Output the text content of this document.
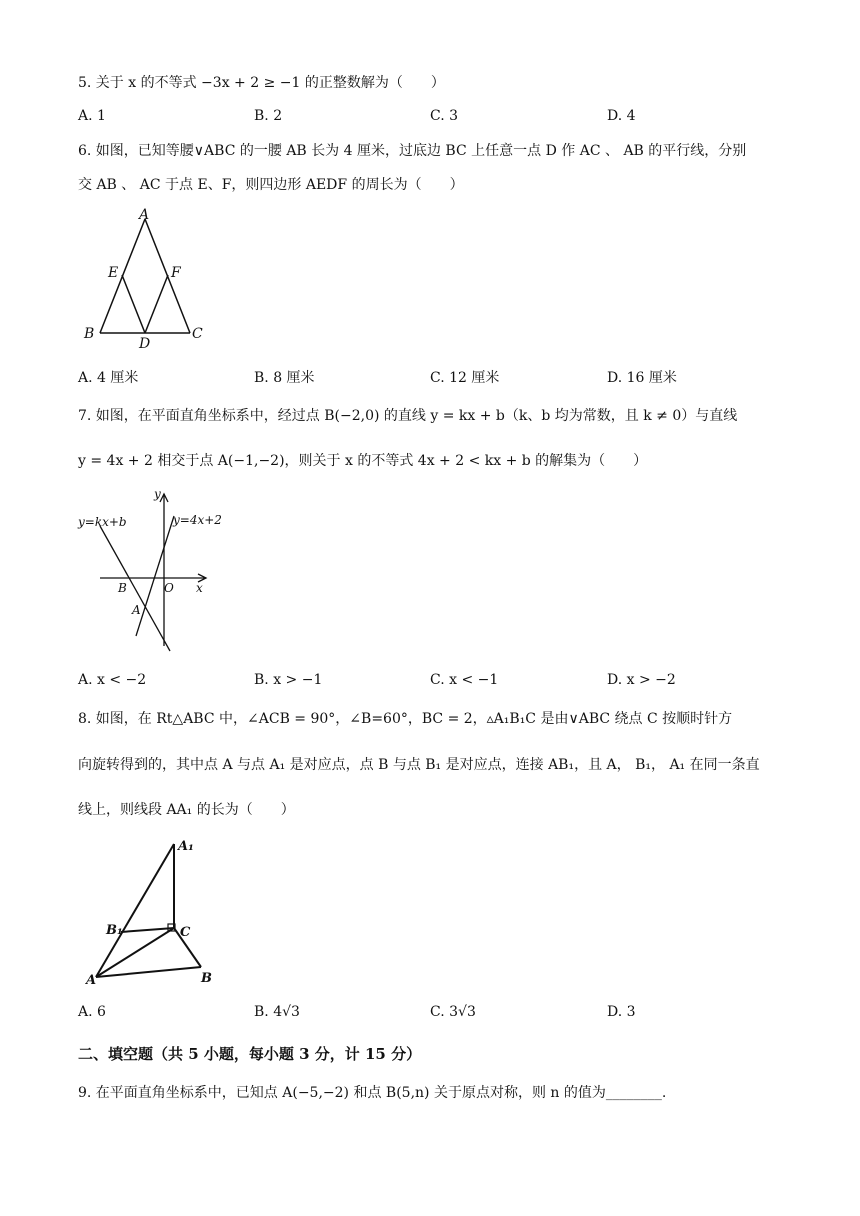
5. 关于 x 的不等式 −3x + 2 ≥ −1 的正整数解为（　　）
A. 1	B. 2	C. 3	D. 4
6. 如图，已知等腰∨ABC 的一腰 AB 长为 4 厘米，过底边 BC 上任意一点 D 作 AC 、 AB 的平行线，分别
交 AB 、 AC 于点 E、F，则四边形 AEDF 的周长为（　　）
A
E	F
B	C
D
A. 4 厘米	B. 8 厘米	C. 12 厘米	D. 16 厘米
7. 如图，在平面直角坐标系中，经过点 B(−2,0) 的直线 y = kx + b（k、b 均为常数，且 k ≠ 0）与直线
y = 4x + 2 相交于点 A(−1,−2)，则关于 x 的不等式 4x + 2 < kx + b 的解集为（　　）
y
x
y=kx+b	y=4x+2
B	O
A
A. x < −2	B. x > −1	C. x < −1	D. x > −2
8. 如图，在 Rt△ABC 中，∠ACB = 90°，∠B=60°，BC = 2，▵A₁B₁C 是由∨ABC 绕点 C 按顺时针方
向旋转得到的，其中点 A 与点 A₁ 是对应点，点 B 与点 B₁ 是对应点，连接 AB₁，且 A， B₁， A₁ 在同一条直
线上，则线段 AA₁ 的长为（　　）
A₁
B₁	C
A	B
A. 6	B. 4√3	C. 3√3	D. 3
二、填空题（共 5 小题，每小题 3 分，计 15 分）
9. 在平面直角坐标系中，已知点 A(−5,−2) 和点 B(5,n) 关于原点对称，则 n 的值为________.
